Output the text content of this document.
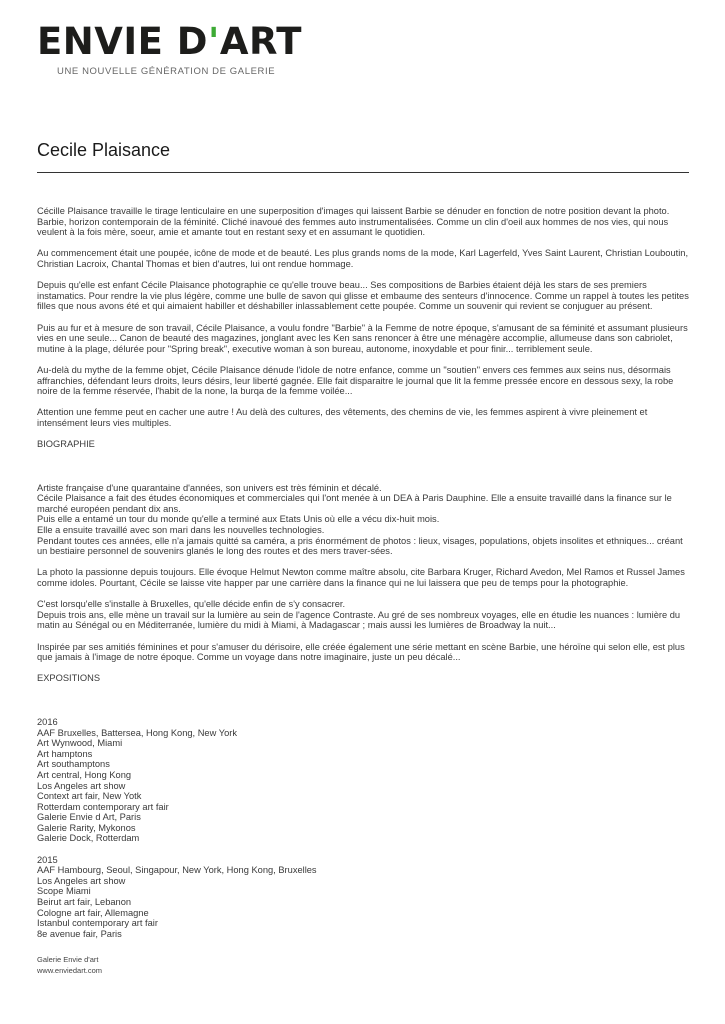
ENVIE D'ART
UNE NOUVELLE GÉNÉRATION DE GALERIE
Cecile Plaisance

Cécille Plaisance travaille le tirage lenticulaire en une superposition d'images qui laissent Barbie se dénuder en fonction de notre position devant la photo. Barbie, horizon contemporain de la féminité. Cliché inavoué des femmes auto instrumentalisées. Comme un clin d'oeil aux hommes de nos vies, qui nous veulent à la fois mère, soeur, amie et amante tout en restant sexy et en assumant le quotidien.

Au commencement était une poupée, icône de mode et de beauté. Les plus grands noms de la mode, Karl Lagerfeld, Yves Saint Laurent, Christian Louboutin, Christian Lacroix, Chantal Thomas et bien d'autres, lui ont rendue hommage.

Depuis qu'elle est enfant Cécile Plaisance photographie ce qu'elle trouve beau... Ses compositions de Barbies étaient déjà les stars de ses premiers instamatics. Pour rendre la vie plus légère, comme une bulle de savon qui glisse et embaume des senteurs d'innocence. Comme un rappel à toutes les petites filles que nous avons été et qui aimaient habiller et déshabiller inlassablement cette poupée. Comme un souvenir qui revient se conjuguer au présent.

Puis au fur et à mesure de son travail, Cécile Plaisance, a voulu fondre "Barbie" à la Femme de notre époque, s'amusant de sa féminité et assumant plusieurs vies en une seule... Canon de beauté des magazines, jonglant avec les Ken sans renoncer à être une ménagère accomplie, allumeuse dans son cabriolet, mutine à la plage, délurée pour "Spring break", executive woman à son bureau, autonome, inoxydable et pour finir... terriblement seule.

Au-delà du mythe de la femme objet, Cécile Plaisance dénude l'idole de notre enfance, comme un "soutien" envers ces femmes aux seins nus, désormais affranchies, défendant leurs droits, leurs désirs, leur liberté gagnée. Elle fait disparaitre le journal que lit la femme pressée encore en dessous sexy, la robe noire de la femme réservée, l'habit de la none, la burqa de la femme voilée...

Attention une femme peut en cacher une autre ! Au delà des cultures, des vêtements, des chemins de vie, les femmes aspirent à vivre pleinement et intensément leurs vies multiples.

BIOGRAPHIE

Artiste française d'une quarantaine d'années, son univers est très féminin et décalé.
Cécile Plaisance a fait des études économiques et commerciales qui l'ont menée à un DEA à Paris Dauphine. Elle a ensuite travaillé dans la finance sur le marché européen pendant dix ans.
Puis elle a entamé un tour du monde qu'elle a terminé aux Etats Unis où elle a vécu dix-huit mois.
Elle a ensuite travaillé avec son mari dans les nouvelles technologies.
Pendant toutes ces années, elle n'a jamais quitté sa caméra, a pris énormément de photos : lieux, visages, populations, objets insolites et ethniques... créant un bestiaire personnel de souvenirs glanés le long des routes et des mers traver-sées.

La photo la passionne depuis toujours. Elle évoque Helmut Newton comme maître absolu, cite Barbara Kruger, Richard Avedon, Mel Ramos et Russel James comme idoles. Pourtant, Cécile se laisse vite happer par une carrière dans la finance qui ne lui laissera que peu de temps pour la photographie.

C'est lorsqu'elle s'installe à Bruxelles, qu'elle décide enfin de s'y consacrer.
Depuis trois ans, elle mène un travail sur la lumière au sein de l'agence Contraste. Au gré de ses nombreux voyages, elle en étudie les nuances : lumière du matin au Sénégal ou en Méditerranée, lumière du midi à Miami, à Madagascar ; mais aussi les lumières de Broadway la nuit...

Inspirée par ses amitiés féminines et pour s'amuser du dérisoire, elle créée également une série mettant en scène Barbie, une héroïne qui selon elle, est plus que jamais à l'image de notre époque. Comme un voyage dans notre imaginaire, juste un peu décalé...

EXPOSITIONS
2016
AAF Bruxelles, Battersea, Hong Kong, New York
Art Wynwood, Miami
Art hamptons
Art southamptons
Art central, Hong Kong
Los Angeles art show
Context art fair, New Yotk
Rotterdam contemporary art fair
Galerie Envie d Art, Paris
Galerie Rarity, Mykonos
Galerie Dock, Rotterdam
2015
AAF Hambourg, Seoul, Singapour, New York, Hong Kong, Bruxelles
Los Angeles art show
Scope Miami
Beirut art fair, Lebanon
Cologne art fair, Allemagne
Istanbul contemporary art fair
8e avenue fair, Paris
Galerie Envie d'art
www.enviedart.com
